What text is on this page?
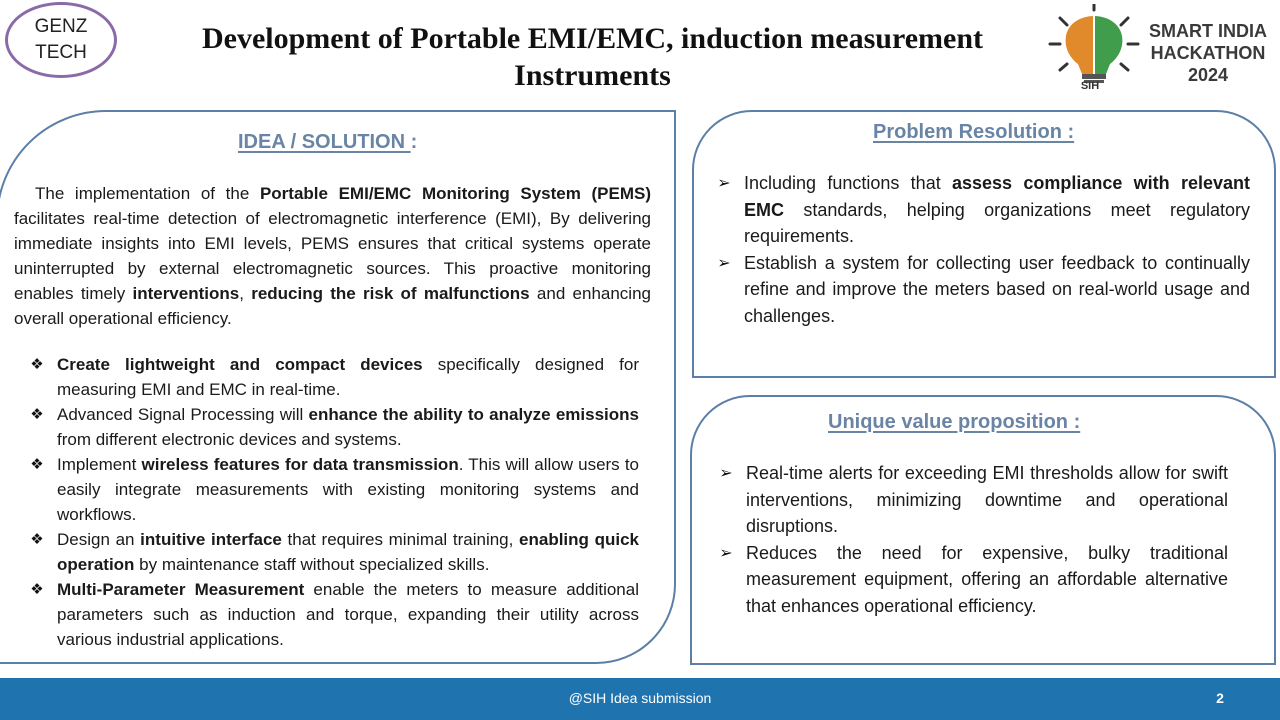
GENZ
TECH	Development of Portable EMI/EMC, induction measurement Instruments
SMART INDIA
HACKATHON
2024
SIH
IDEA / SOLUTION :
The implementation of the Portable EMI/EMC Monitoring System (PEMS) facilitates real-time detection of electromagnetic interference (EMI), By delivering immediate insights into EMI levels, PEMS ensures that critical systems operate uninterrupted by external electromagnetic sources. This proactive monitoring enables timely interventions, reducing the risk of malfunctions and enhancing overall operational efficiency.
❖ Create lightweight and compact devices specifically designed for measuring EMI and EMC in real-time.
❖ Advanced Signal Processing will enhance the ability to analyze emissions from different electronic devices and systems.
❖ Implement wireless features for data transmission. This will allow users to easily integrate measurements with existing monitoring systems and workflows.
❖ Design an intuitive interface that requires minimal training, enabling quick operation by maintenance staff without specialized skills.
❖ Multi-Parameter Measurement enable the meters to measure additional parameters such as induction and torque, expanding their utility across various industrial applications.
Problem Resolution :
➢ Including functions that assess compliance with relevant EMC standards, helping organizations meet regulatory requirements.
➢ Establish a system for collecting user feedback to continually refine and improve the meters based on real-world usage and challenges.
Unique value proposition :
➢ Real-time alerts for exceeding EMI thresholds allow for swift interventions, minimizing downtime and operational disruptions.
➢ Reduces the need for expensive, bulky traditional measurement equipment, offering an affordable alternative that enhances operational efficiency.
@SIH Idea submission	2
